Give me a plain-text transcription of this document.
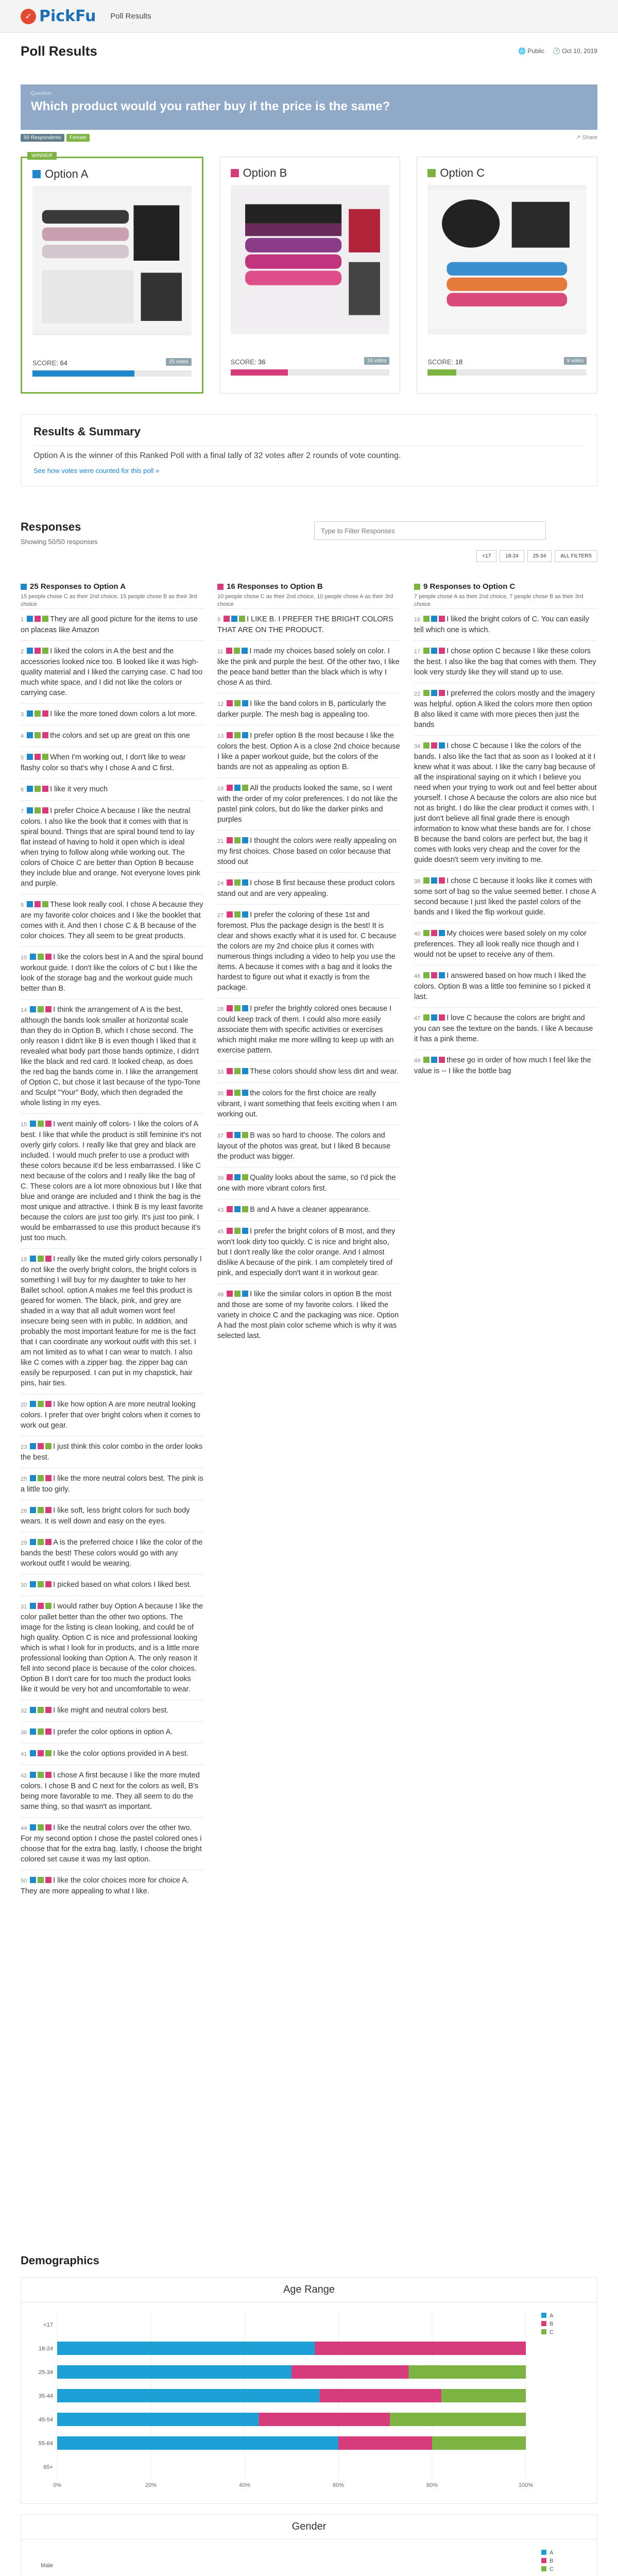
✓ PickFu Poll Results
Poll Results	🌐 Public 🕑 Oct 10, 2019
Question
Which product would you rather buy if the price is the same?
50 Respondents	Female	↗ Share
WINNER
Option A
SCORE: 64	25 votes
Option B
SCORE: 36	16 votes
Option C
SCORE: 18	9 votes
Results & Summary

Option A is the winner of this Ranked Poll with a final tally of 32 votes after 2 rounds of vote counting.

See how votes were counted for this poll »
Responses
Showing 50/50 responses
Type to Filter Responses
<17	18-24	25-34	ALL FILTERS
25 Responses to Option A
15 people chose C as their 2nd choice, 15 people chose B as their 3rd choice
1	They are all good picture for the items to use on placeas like Amazon
2	I liked the colors in A the best and the accessories looked nice too. B looked like it was high-quality material and I liked the carrying case. C had too much white space, and I did not like the colors or carrying case.
3	I like the more toned down colors a lot more.
4	the colors and set up are great on this one
5	When I'm working out, I don't like to wear flashy color so that's why I chose A and C first.
6	I like it very much
7	I prefer Choice A because I like the neutral colors. I also like the book that it comes with that is spiral bound. Things that are spiral bound tend to lay flat instead of having to hold it open which is ideal when trying to follow along while working out. The colors of Choice C are better than Option B because they include blue and orange. Not everyone loves pink and purple.
8	These look really cool. I chose A because they are my favorite color choices and I like the booklet that comes with it. And then I chose C & B because of the color choices. They all seem to be great products.
10	I like the colors best in A and the spiral bound workout guide. I don't like the colors of C but I like the look of the storage bag and the workout guide much better than B.
14	I think the arrangement of A is the best, although the bands look smaller at horizontal scale than they do in Option B, which I chose second. The only reason I didn't like B is even though I liked that it revealed what body part those bands optimize, I didn't like the black and red card. It looked cheap, as does the red bag the bands come in. I like the arrangement of Option C, but chose it last because of the typo-Tone and Sculpt "Your" Body, which then degraded the whole listing in my eyes.
15	I went mainly off colors- I like the colors of A best. I like that while the product is still feminine it's not overly girly colors. I really like that grey and black are included. I would much prefer to use a product with these colors because it'd be less embarrassed. I like C next because of the colors and I really like the bag of C. These colors are a lot more obnoxious but I like that blue and orange are included and I think the bag is the most unique and attractive. I think B is my least favorite because the colors are just too girly. It's just too pink. I would be embarrassed to use this product because it's just too much.
18	I really like the muted girly colors personally I do not like the overly bright colors, the bright colors is something I will buy for my daughter to take to her Ballet school. option A makes me feel this product is geared for women. The black, pink, and grey are shaded in a way that all adult women wont feel insecure being seen with in public. In addition, and probably the most important feature for me is the fact that I can coordinate any workout outfit with this set. I am not limited as to what I can wear to match. I also like C comes with a zipper bag. the zipper bag can easily be repurposed. I can put in my chapstick, hair pins, hair ties.
20	I like how option A are more neutral looking colors. I prefer that over bright colors when it comes to work out gear.
23	I just think this color combo in the order looks the best.
25	I like the more neutral colors best. The pink is a little too girly.
26	I like soft, less bright colors for such body wears. It is well down and easy on the eyes.
29	A is the preferred choice I like the color of the bands the best! These colors would go with any workout outfit I would be wearing.
30	I picked based on what colors I liked best.
31	I would rather buy Option A because I like the color pallet better than the other two options. The image for the listing is clean looking, and could be of high quality. Option C is nice and professional looking which is what I look for in products, and is a little more professional looking than Option A. The only reason it fell into second place is because of the color choices. Option B I don't care for too much the product looks like it would be very hot and uncomfortable to wear.
32	I like might and neutral colors best.
36	I prefer the color options in option A.
41	I like the color options provided in A best.
42	I chose A first because I like the more muted colors. I chose B and C next for the colors as well, B's being more favorable to me. They all seem to do the same thing, so that wasn't as important.
44	I like the neutral colors over the other two. For my second option I chose the pastel colored ones i choose that for the extra bag. lastly, I choose the bright colored set cause it was my last option.
50	I like the color choices more for choice A. They are more appealing to what I like.
16 Responses to Option B
10 people chose C as their 2nd choice, 10 people chose A as their 3rd choice
9	I LIKE B. I PREFER THE BRIGHT COLORS THAT ARE ON THE PRODUCT.
11	I made my choices based solely on color. I like the pink and purple the best. Of the other two, I like the peace band better than the black which is why I chose A as third.
12	I like the band colors in B, particularly the darker purple. The mesh bag is appealing too.
13	I prefer option B the most because I like the colors the best. Option A is a close 2nd choice because I like a paper workout guide, but the colors of the bands are not as appealing as option B.
19	All the products looked the same, so I went with the order of my color preferences. I do not like the pastel pink colors, but do like the darker pinks and purples
21	I thought the colors were really appealing on my first choices. Chose based on color because that stood out
24	I chose B first because these product colors stand out and are very appealing.
27	I prefer the coloring of these 1st and foremost. Plus the package design is the best! It is clear and shows exactly what it is used for. C because the colors are my 2nd choice plus it comes with numerous things including a video to help you use the items. A because it comes with a bag and it looks the hardest to figure out what it exactly is from the package.
28	I prefer the brightly colored ones because I could keep track of them. I could also more easily associate them with specific activities or exercises which might make me more willing to keep up with an exercise pattern.
33	These colors should show less dirt and wear.
35	the colors for the first choice are really vibrant, I want something that feels exciting when I am working out.
37	B was so hard to choose. The colors and layout of the photos was great, but I liked B because the product was bigger.
39	Quality looks about the same, so I'd pick the one with more vibrant colors first.
43	B and A have a cleaner appearance.
45	I prefer the bright colors of B most, and they won't look dirty too quickly. C is nice and bright also, but I don't really like the color orange. And I almost dislike A because of the pink. I am completely tired of pink, and especially don't want it in workout gear.
48	I like the similar colors in option B the most and those are some of my favorite colors. I liked the variety in choice C and the packaging was nice. Option A had the most plain color scheme which is why it was selected last.
9 Responses to Option C
7 people chose A as their 2nd choice, 7 people chose B as their 3rd choice
16	I liked the bright colors of C. You can easily tell which one is which.
17	I chose option C because I like these colors the best. I also like the bag that comes with them. They look very sturdy like they will stand up to use.
22	I preferred the colors mostly and the imagery was helpful. option A liked the colors more then option B also liked it came with more pieces then just the bands
34	I chose C because I like the colors of the bands. I also like the fact that as soon as I looked at it I knew what it was about. I like the carry bag because of all the inspirational saying on it which I believe you need when your trying to work out and feel better about yourself. I chose A because the colors are also nice but not as bright. I do like the clear product it comes with. I just don't believe all final grade there is enough information to know what these bands are for. I chose B because the band colors are perfect but, the bag it comes with looks very cheap and the cover for the guide doesn't seem very inviting to me.
38	I chose C because it looks like it comes with some sort of bag so the value seemed better. I chose A second because I just liked the pastel colors of the bands and I liked the flip workout guide.
40	My choices were based solely on my color preferences. They all look really nice though and I would not be upset to receive any of them.
46	I answered based on how much I liked the colors. Option B was a little too feminine so I picked it last.
47	I love C because the colors are bright and you can see the texture on the bands. I like A because it has a pink theme.
49	these go in order of how much I feel like the value is -- I like the bottle bag
Demographics
Age Range
0%	20%	40%	60%	80%	100%
<17
18-24
25-34
35-44
45-54
55-64
65+
A
B
C
Gender
Male
A
B
C
